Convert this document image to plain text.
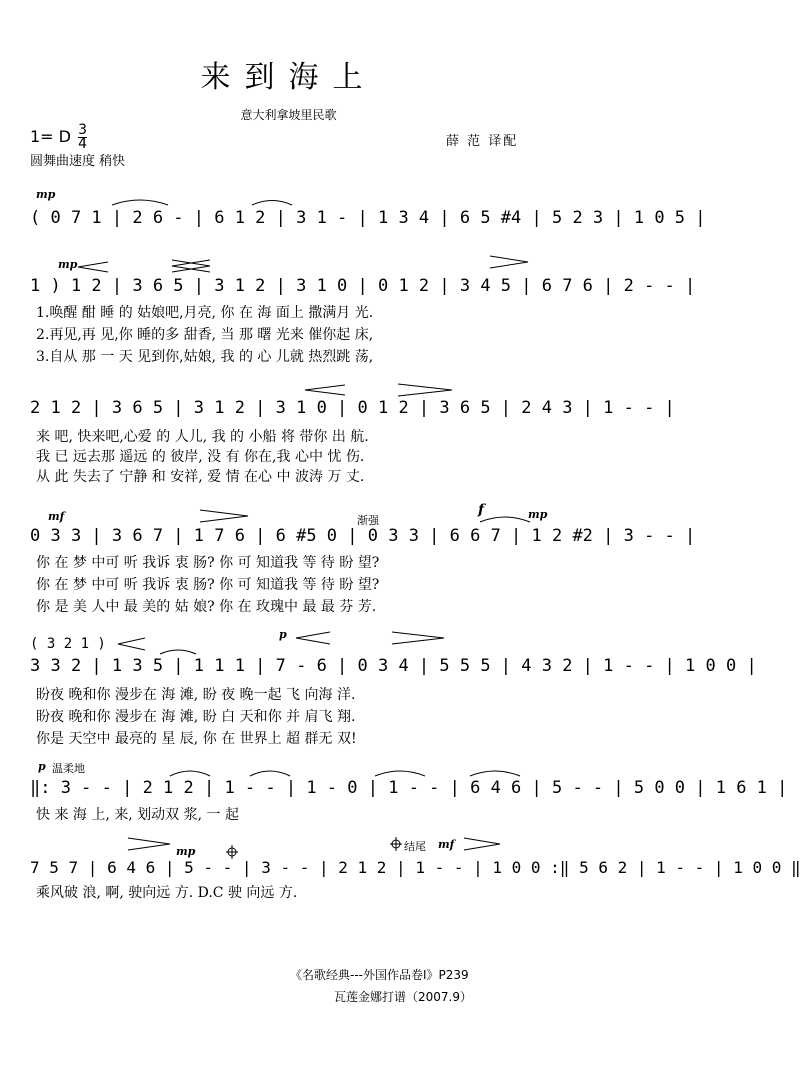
来到海上
意大利拿坡里民歌
1= D $\frac{3}{4}$	薛 范 译配
圆舞曲速度 稍快
mp
( 0 7 1 | 2 6 - | 6 1 2 | 3 1 - | 1 3 4 | 6 5 #4 | 5 2 3 | 1 0 5 |
mp
1 ) 1 2 | 3 6 5 | 3 1 2 | 3 1 0 | 0 1 2 | 3 4 5 | 6 7 6 | 2 - - |
1.唤醒 酣 睡 的 姑娘吧,月亮, 你 在 海 面上 撒满月 光.
2.再见,再 见,你 睡的多 甜香, 当 那 曙 光来 催你起 床,
3.自从 那 一 天 见到你,姑娘, 我 的 心 儿就 热烈跳 荡,
2 1 2 | 3 6 5 | 3 1 2 | 3 1 0 | 0 1 2 | 3 6 5 | 2 4 3 | 1 - - |
来 吧, 快来吧,心爱 的 人儿, 我 的 小船 将 带你 出 航.
我 已 远去那 遥远 的 彼岸, 没 有 你在,我 心中 忧 伤.
从 此 失去了 宁静 和 安祥, 爱 情 在心 中 波涛 万 丈.
mf	渐强
f	mp
0 3 3 | 3 6 7 | 1 7 6 | 6 #5 0 | 0 3 3 | 6 6 7 | 1 2 #2 | 3 - - |
你 在 梦 中可 听 我诉 衷 肠? 你 可 知道我 等 待 盼 望?
你 在 梦 中可 听 我诉 衷 肠? 你 可 知道我 等 待 盼 望?
你 是 美 人中 最 美的 姑 娘? 你 在 玫瑰中 最 最 芬 芳.
( 3 2 1 )
p
3 3 2 | 1 3 5 | 1 1 1 | 7 - 6 | 0 3 4 | 5 5 5 | 4 3 2 | 1 - - | 1 0 0 |
盼夜 晚和你 漫步在 海 滩, 盼 夜 晚一起 飞 向海 洋.
盼夜 晚和你 漫步在 海 滩, 盼 白 天和你 并 肩飞 翔.
你是 天空中 最亮的 星 辰, 你 在 世界上 超 群无 双!
p 温柔地
‖: 3 - - | 2 1 2 | 1 - - | 1 - 0 | 1 - - | 6 4 6 | 5 - - | 5 0 0 | 1 6 1 |
快 来 海 上, 来, 划动双 浆, 一 起
mp	结尾 mf
7 5 7 | 6 4 6 | 5 - - | 3 - - | 2 1 2 | 1 - - | 1 0 0 :‖ 5 6 2 | 1 - - | 1 0 0 ‖
乘风破 浪, 啊, 驶向远 方. D.C 驶 向远 方.
《名歌经典---外国作品卷Ⅰ》P239
瓦莲金娜打谱（2007.9）
